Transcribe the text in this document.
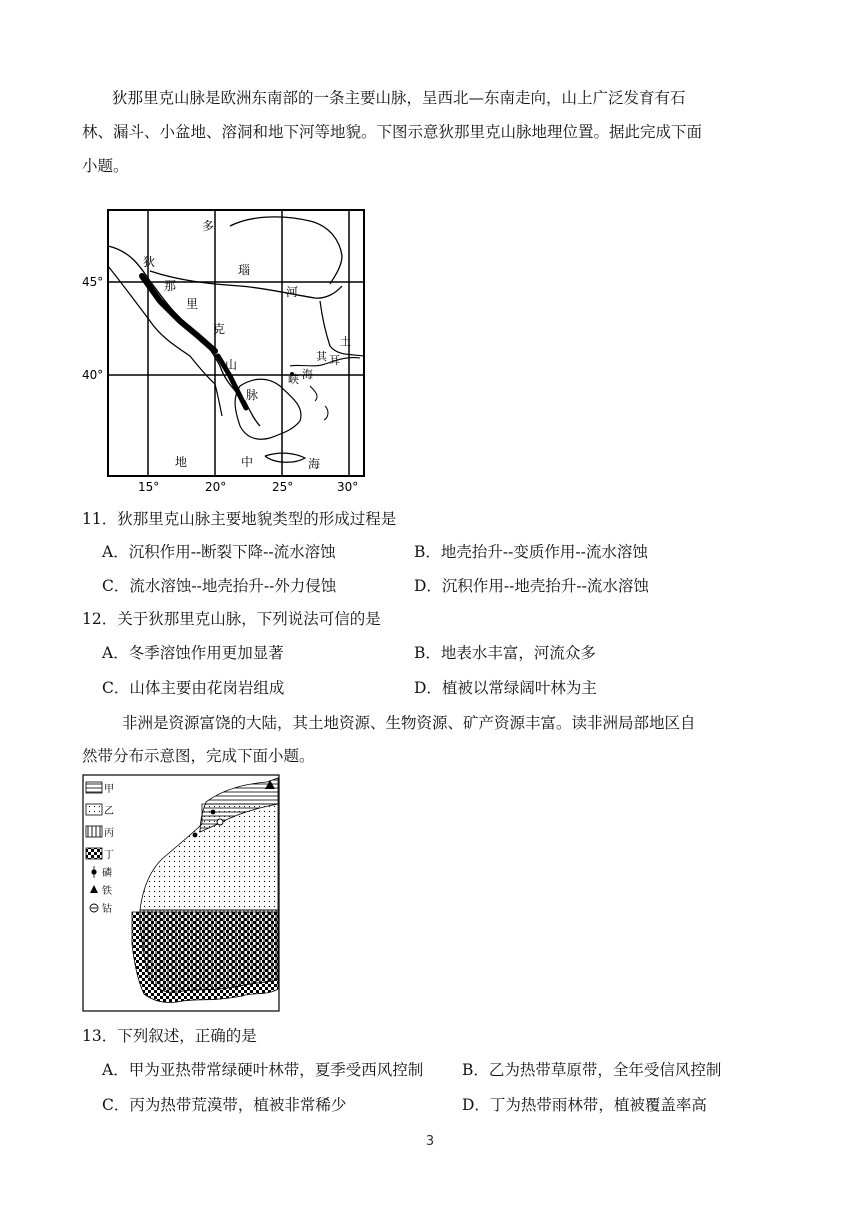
狄那里克山脉是欧洲东南部的一条主要山脉，呈西北—东南走向，山上广泛发育有石
林、漏斗、小盆地、溶洞和地下河等地貌。下图示意狄那里克山脉地理位置。据此完成下面
小题。
45°
40°
15°	20°	25°	30°
狄
那
里
克
山
脉
多
瑙
河
土
其 耳
峡 海
地	中	海
11．狄那里克山脉主要地貌类型的形成过程是
A．沉积作用--断裂下降--流水溶蚀	B．地壳抬升--变质作用--流水溶蚀
C．流水溶蚀--地壳抬升--外力侵蚀	D．沉积作用--地壳抬升--流水溶蚀
12．关于狄那里克山脉，下列说法可信的是
A．冬季溶蚀作用更加显著	B．地表水丰富，河流众多
C．山体主要由花岗岩组成	D．植被以常绿阔叶林为主
非洲是资源富饶的大陆，其土地资源、生物资源、矿产资源丰富。读非洲局部地区自
然带分布示意图，完成下面小题。
甲
乙
丙
丁
磷
铁
钴
13．下列叙述，正确的是
A．甲为亚热带常绿硬叶林带，夏季受西风控制	B．乙为热带草原带，全年受信风控制
C．丙为热带荒漠带，植被非常稀少	D．丁为热带雨林带，植被覆盖率高
3
